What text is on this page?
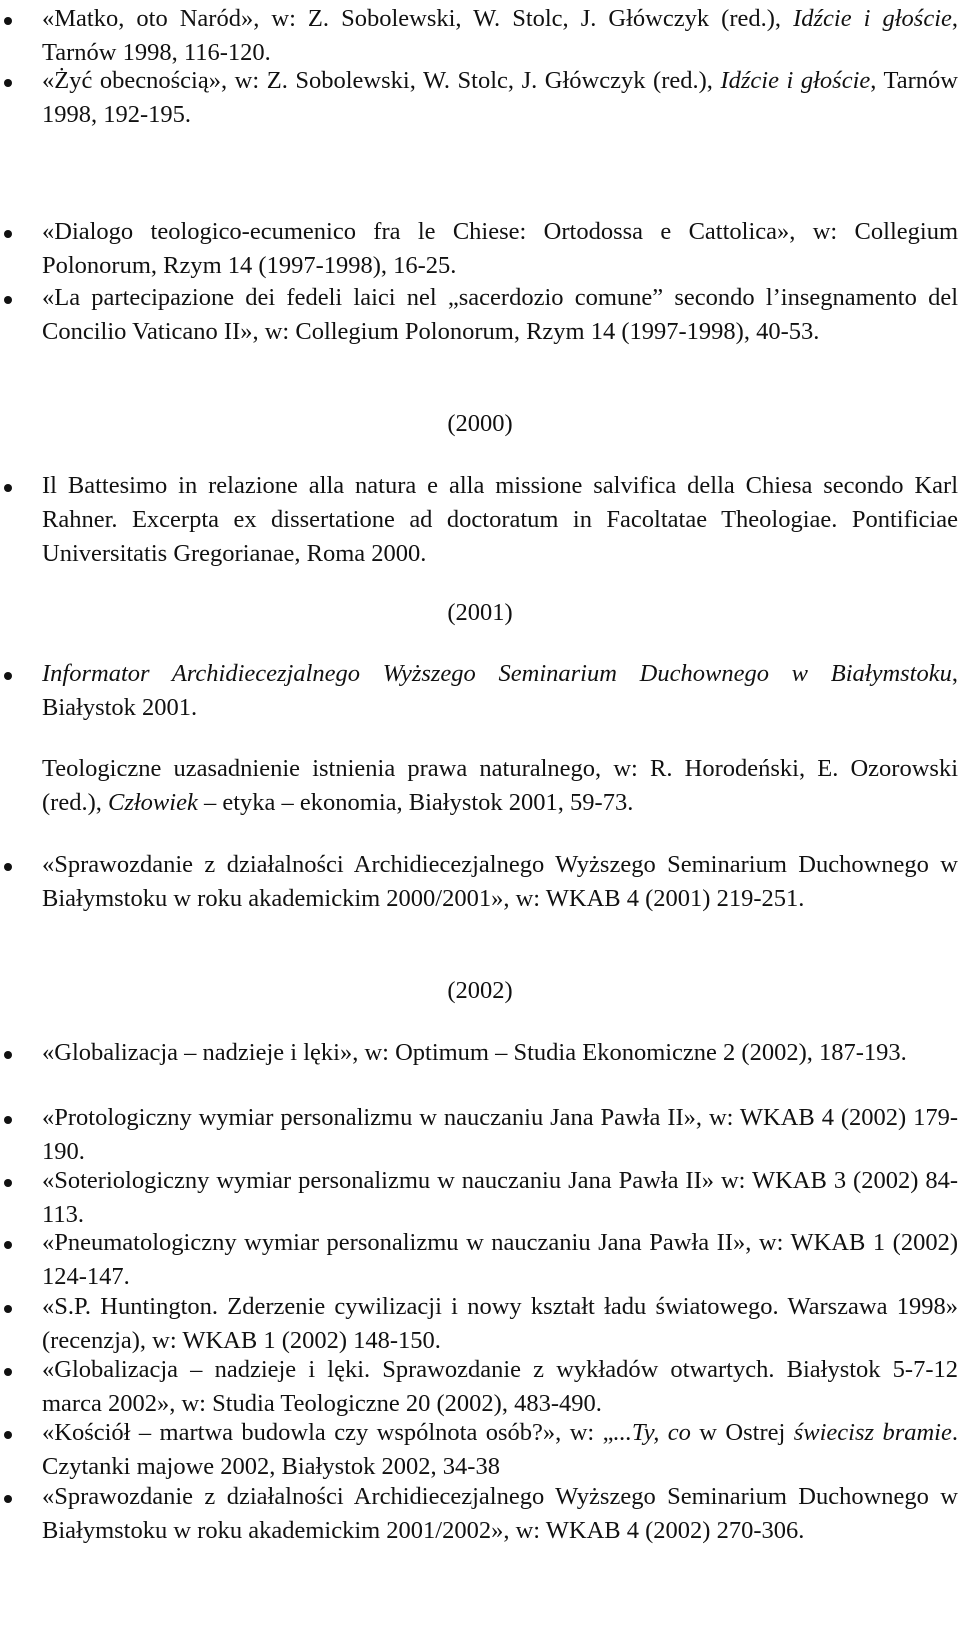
«Matko, oto Naród», w: Z. Sobolewski, W. Stolc, J. Główczyk (red.), Idźcie i głoście, Tarnów 1998, 116-120.
«Żyć obecnością», w: Z. Sobolewski, W. Stolc, J. Główczyk (red.), Idźcie i głoście, Tarnów 1998, 192-195.
«Dialogo teologico-ecumenico fra le Chiese: Ortodossa e Cattolica», w: Collegium Polonorum, Rzym 14 (1997-1998), 16-25.
«La partecipazione dei fedeli laici nel „sacerdozio comune” secondo l’insegnamento del Concilio Vaticano II», w: Collegium Polonorum, Rzym 14 (1997-1998), 40-53.
(2000)
Il Battesimo in relazione alla natura e alla missione salvifica della Chiesa secondo Karl Rahner. Excerpta ex dissertatione ad doctoratum in Facoltatae Theologiae. Pontificiae Universitatis Gregorianae, Roma 2000.
(2001)
Informator Archidiecezjalnego Wyższego Seminarium Duchownego w Białymstoku, Białystok 2001.
Teologiczne uzasadnienie istnienia prawa naturalnego, w: R. Horodeński, E. Ozorowski (red.), Człowiek – etyka – ekonomia, Białystok 2001, 59-73.
«Sprawozdanie z działalności Archidiecezjalnego Wyższego Seminarium Duchownego w Białymstoku w roku akademickim 2000/2001», w: WKAB 4 (2001) 219-251.
(2002)
«Globalizacja – nadzieje i lęki», w: Optimum – Studia Ekonomiczne 2 (2002), 187-193.
«Protologiczny wymiar personalizmu w nauczaniu Jana Pawła II», w: WKAB 4 (2002) 179-190.
«Soteriologiczny wymiar personalizmu w nauczaniu Jana Pawła II» w: WKAB 3 (2002) 84-113.
«Pneumatologiczny wymiar personalizmu w nauczaniu Jana Pawła II», w: WKAB 1 (2002) 124-147.
«S.P. Huntington. Zderzenie cywilizacji i nowy kształt ładu światowego. Warszawa 1998» (recenzja), w: WKAB 1 (2002) 148-150.
«Globalizacja – nadzieje i lęki. Sprawozdanie z wykładów otwartych. Białystok 5-7-12 marca 2002», w: Studia Teologiczne 20 (2002), 483-490.
«Kościół – martwa budowla czy wspólnota osób?», w: „...Ty, co w Ostrej świecisz bramie. Czytanki majowe 2002, Białystok 2002, 34-38
«Sprawozdanie z działalności Archidiecezjalnego Wyższego Seminarium Duchownego w Białymstoku w roku akademickim 2001/2002», w: WKAB 4 (2002) 270-306.
